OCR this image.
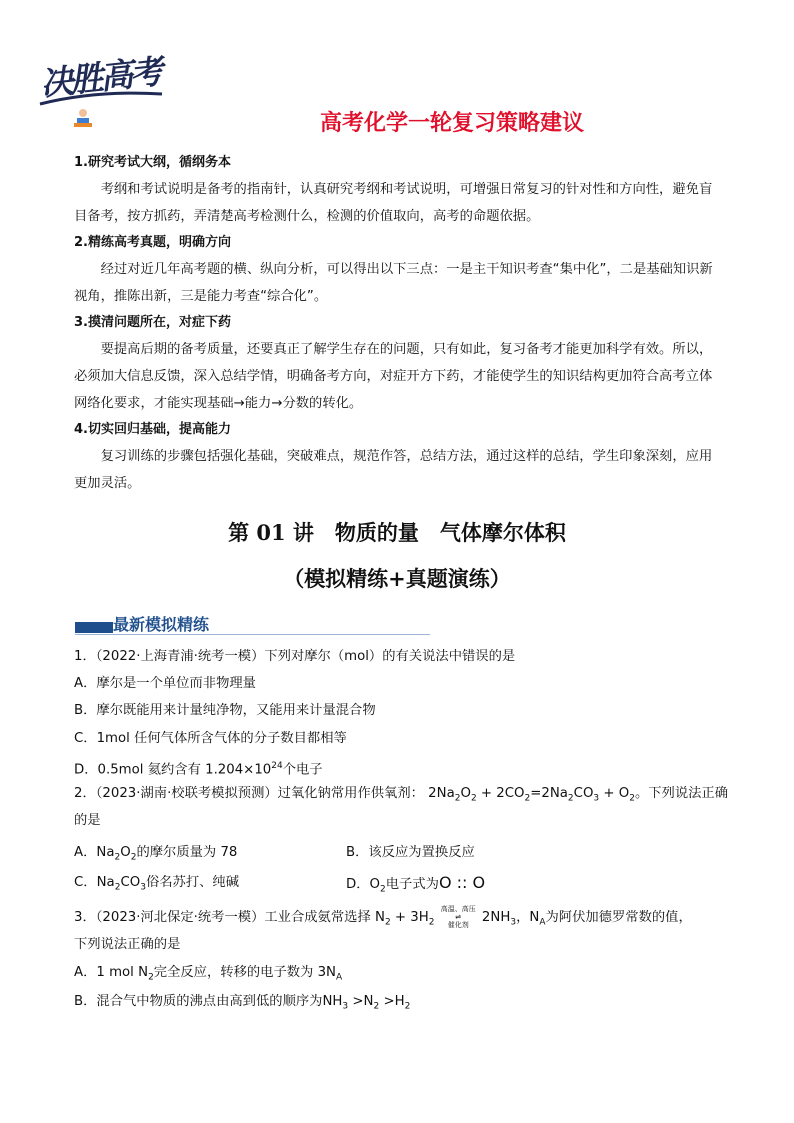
决胜高考
高考化学一轮复习策略建议
1.研究考试大纲，循纲务本
考纲和考试说明是备考的指南针，认真研究考纲和考试说明，可增强日常复习的针对性和方向性，避免盲目备考，按方抓药，弄清楚高考检测什么，检测的价值取向，高考的命题依据。
2.精练高考真题，明确方向
经过对近几年高考题的横、纵向分析，可以得出以下三点：一是主干知识考查“集中化”，二是基础知识新视角，推陈出新，三是能力考查“综合化”。
3.摸清问题所在，对症下药
要提高后期的备考质量，还要真正了解学生存在的问题，只有如此，复习备考才能更加科学有效。所以，必须加大信息反馈，深入总结学情，明确备考方向，对症开方下药，才能使学生的知识结构更加符合高考立体网络化要求，才能实现基础→能力→分数的转化。
4.切实回归基础，提高能力
复习训练的步骤包括强化基础，突破难点，规范作答，总结方法，通过这样的总结，学生印象深刻，应用更加灵活。
第 01 讲　物质的量　气体摩尔体积
（模拟精练+真题演练）
最新模拟精练
1．（2022·上海青浦·统考一模）下列对摩尔（mol）的有关说法中错误的是
A．摩尔是一个单位而非物理量
B．摩尔既能用来计量纯净物，又能用来计量混合物
C．1mol 任何气体所含气体的分子数目都相等
D．0.5mol 氦约含有 $1.204\times 10^{24}$个电子
2．（2023·湖南·校联考模拟预测）过氧化钠常用作供氧剂： $2Na_2O_2 + 2CO_2=2Na_2CO_3 + O_2$。下列说法正确
的是
A．$Na_2O_2$的摩尔质量为 78	B．该反应为置换反应
C．$Na_2CO_3$俗名苏打、纯碱	D．$O_2$电子式为O :: O
3．（2023·河北保定·统考一模）工业合成氨常选择 $N_2 + 3H_2$ 高温、高压
⇌
催化剂 $2NH_3$，$N_A$为阿伏加德罗常数的值，
下列说法正确的是
A．1 mol $N_2$完全反应，转移的电子数为 $3N_A$
B．混合气中物质的沸点由高到低的顺序为$NH_3 >N_2 >H_2$
